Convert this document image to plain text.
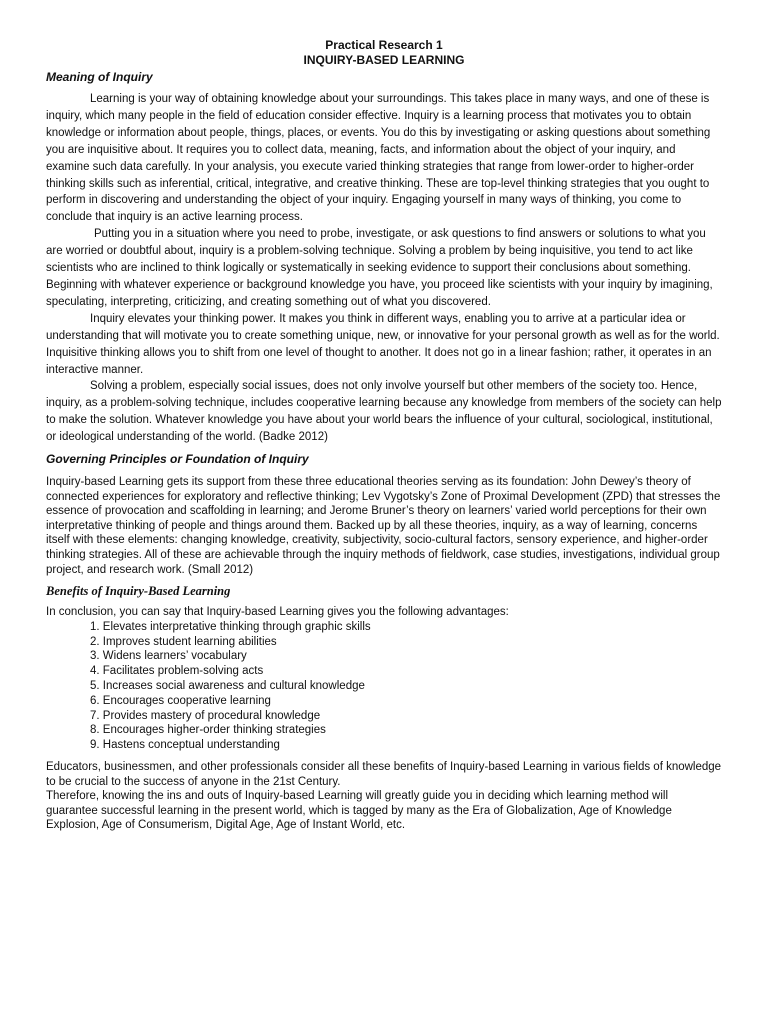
Practical Research 1
INQUIRY-BASED LEARNING
Meaning of Inquiry

Learning is your way of obtaining knowledge about your surroundings. This takes place in many ways, and one of these is inquiry, which many people in the field of education consider effective. Inquiry is a learning process that motivates you to obtain knowledge or information about people, things, places, or events. You do this by investigating or asking questions about something you are inquisitive about. It requires you to collect data, meaning, facts, and information about the object of your inquiry, and examine such data carefully. In your analysis, you execute varied thinking strategies that range from lower-order to higher-order thinking skills such as inferential, critical, integrative, and creative thinking. These are top-level thinking strategies that you ought to perform in discovering and understanding the object of your inquiry. Engaging yourself in many ways of thinking, you come to conclude that inquiry is an active learning process.

Putting you in a situation where you need to probe, investigate, or ask questions to find answers or solutions to what you are worried or doubtful about, inquiry is a problem-solving technique. Solving a problem by being inquisitive, you tend to act like scientists who are inclined to think logically or systematically in seeking evidence to support their conclusions about something. Beginning with whatever experience or background knowledge you have, you proceed like scientists with your inquiry by imagining, speculating, interpreting, criticizing, and creating something out of what you discovered.

Inquiry elevates your thinking power. It makes you think in different ways, enabling you to arrive at a particular idea or understanding that will motivate you to create something unique, new, or innovative for your personal growth as well as for the world. Inquisitive thinking allows you to shift from one level of thought to another. It does not go in a linear fashion; rather, it operates in an interactive manner.

Solving a problem, especially social issues, does not only involve yourself but other members of the society too. Hence, inquiry, as a problem-solving technique, includes cooperative learning because any knowledge from members of the society can help to make the solution. Whatever knowledge you have about your world bears the influence of your cultural, sociological, institutional, or ideological understanding of the world. (Badke 2012)

Governing Principles or Foundation of Inquiry

Inquiry-based Learning gets its support from these three educational theories serving as its foundation: John Dewey’s theory of connected experiences for exploratory and reflective thinking; Lev Vygotsky’s Zone of Proximal Development (ZPD) that stresses the essence of provocation and scaffolding in learning; and Jerome Bruner’s theory on learners’ varied world perceptions for their own interpretative thinking of people and things around them. Backed up by all these theories, inquiry, as a way of learning, concerns itself with these elements: changing knowledge, creativity, subjectivity, socio-cultural factors, sensory experience, and higher-order thinking strategies. All of these are achievable through the inquiry methods of fieldwork, case studies, investigations, individual group project, and research work. (Small 2012)

Benefits of Inquiry-Based Learning

In conclusion, you can say that Inquiry-based Learning gives you the following advantages:

1. Elevates interpretative thinking through graphic skills
2. Improves student learning abilities
3. Widens learners’ vocabulary
4. Facilitates problem-solving acts
5. Increases social awareness and cultural knowledge
6. Encourages cooperative learning
7. Provides mastery of procedural knowledge
8. Encourages higher-order thinking strategies
9. Hastens conceptual understanding

Educators, businessmen, and other professionals consider all these benefits of Inquiry-based Learning in various fields of knowledge to be crucial to the success of anyone in the 21st Century.

Therefore, knowing the ins and outs of Inquiry-based Learning will greatly guide you in deciding which learning method will guarantee successful learning in the present world, which is tagged by many as the Era of Globalization, Age of Knowledge Explosion, Age of Consumerism, Digital Age, Age of Instant World, etc.
